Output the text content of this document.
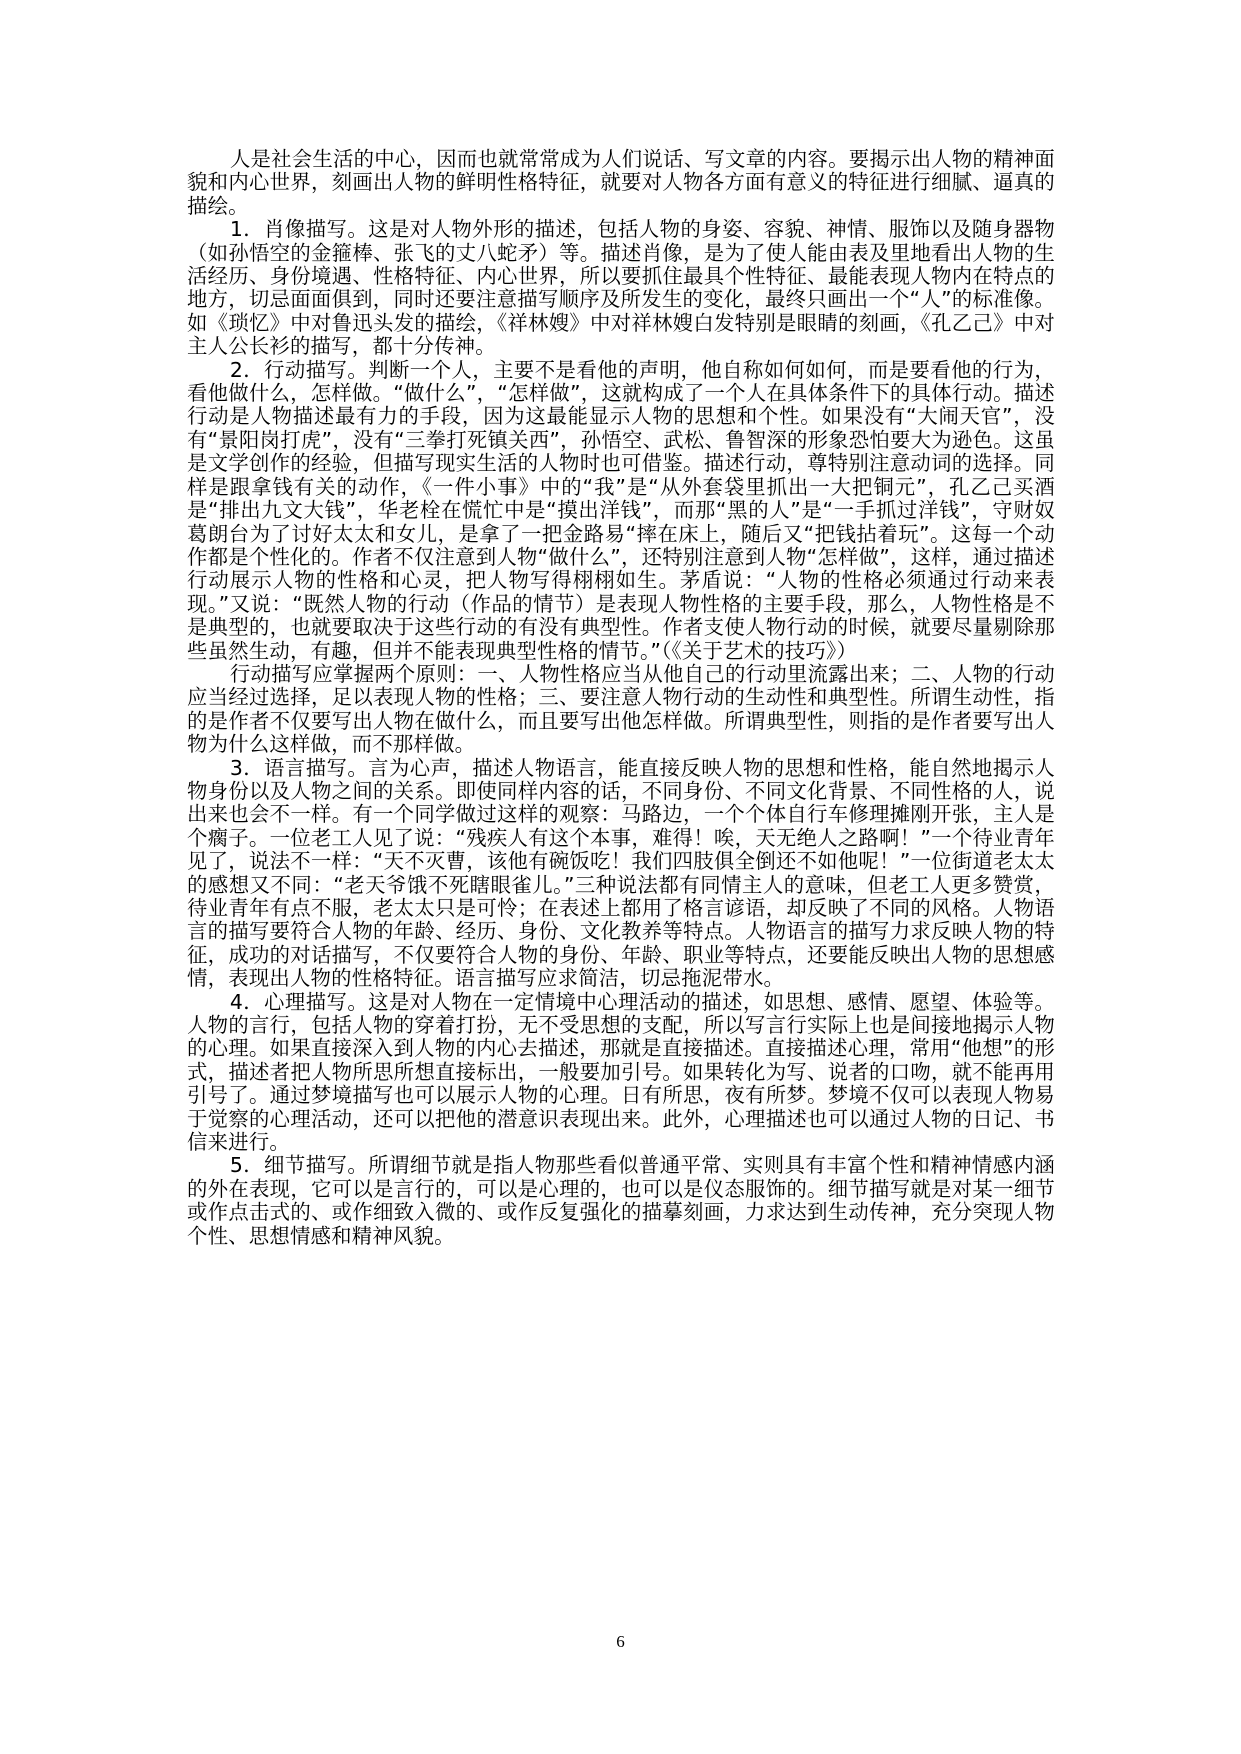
人是社会生活的中心，因而也就常常成为人们说话、写文章的内容。要揭示出人物的精神面貌和内心世界，刻画出人物的鲜明性格特征，就要对人物各方面有意义的特征进行细腻、逼真的描绘。

1．肖像描写。这是对人物外形的描述，包括人物的身姿、容貌、神情、服饰以及随身器物（如孙悟空的金箍棒、张飞的丈八蛇矛）等。描述肖像，是为了使人能由表及里地看出人物的生活经历、身份境遇、性格特征、内心世界，所以要抓住最具个性特征、最能表现人物内在特点的地方，切忌面面俱到，同时还要注意描写顺序及所发生的变化，最终只画出一个“人”的标准像。如《琐忆》中对鲁迅头发的描绘，《祥林嫂》中对祥林嫂白发特别是眼睛的刻画，《孔乙己》中对主人公长衫的描写，都十分传神。

2．行动描写。判断一个人，主要不是看他的声明，他自称如何如何，而是要看他的行为，看他做什么，怎样做。“做什么”，“怎样做”，这就构成了一个人在具体条件下的具体行动。描述行动是人物描述最有力的手段，因为这最能显示人物的思想和个性。如果没有“大闹天官”，没有“景阳岗打虎”，没有“三拳打死镇关西”，孙悟空、武松、鲁智深的形象恐怕要大为逊色。这虽是文学创作的经验，但描写现实生活的人物时也可借鉴。描述行动，尊特别注意动词的选择。同样是跟拿钱有关的动作，《一件小事》中的“我”是“从外套袋里抓出一大把铜元”，孔乙己买酒是“排出九文大钱”，华老栓在慌忙中是“摸出洋钱”，而那“黑的人”是“一手抓过洋钱”，守财奴葛朗台为了讨好太太和女儿，是拿了一把金路易“摔在床上，随后又“把钱拈着玩”。这每一个动作都是个性化的。作者不仅注意到人物“做什么”，还特别注意到人物“怎样做”，这样，通过描述行动展示人物的性格和心灵，把人物写得栩栩如生。茅盾说：“人物的性格必须通过行动来表现。”又说：“既然人物的行动（作品的情节）是表现人物性格的主要手段，那么，人物性格是不是典型的，也就要取决于这些行动的有没有典型性。作者支使人物行动的时候，就要尽量剔除那些虽然生动，有趣，但并不能表现典型性格的情节。”（《关于艺术的技巧》）

行动描写应掌握两个原则：一、人物性格应当从他自己的行动里流露出来；二、人物的行动应当经过选择，足以表现人物的性格；三、要注意人物行动的生动性和典型性。所谓生动性，指的是作者不仅要写出人物在做什么，而且要写出他怎样做。所谓典型性，则指的是作者要写出人物为什么这样做，而不那样做。

3．语言描写。言为心声，描述人物语言，能直接反映人物的思想和性格，能自然地揭示人物身份以及人物之间的关系。即使同样内容的话，不同身份、不同文化背景、不同性格的人，说出来也会不一样。有一个同学做过这样的观察：马路边，一个个体自行车修理摊刚开张，主人是个瘸子。一位老工人见了说：“残疾人有这个本事，难得！唉，天无绝人之路啊！”一个待业青年见了，说法不一样：“天不灭曹，该他有碗饭吃！我们四肢俱全倒还不如他呢！”一位街道老太太的感想又不同：“老天爷饿不死瞎眼雀儿。”三种说法都有同情主人的意味，但老工人更多赞赏，待业青年有点不服，老太太只是可怜；在表述上都用了格言谚语，却反映了不同的风格。人物语言的描写要符合人物的年龄、经历、身份、文化教养等特点。人物语言的描写力求反映人物的特征，成功的对话描写，不仅要符合人物的身份、年龄、职业等特点，还要能反映出人物的思想感情，表现出人物的性格特征。语言描写应求简洁，切忌拖泥带水。

4．心理描写。这是对人物在一定情境中心理活动的描述，如思想、感情、愿望、体验等。人物的言行，包括人物的穿着打扮，无不受思想的支配，所以写言行实际上也是间接地揭示人物的心理。如果直接深入到人物的内心去描述，那就是直接描述。直接描述心理，常用“他想”的形式，描述者把人物所思所想直接标出，一般要加引号。如果转化为写、说者的口吻，就不能再用引号了。通过梦境描写也可以展示人物的心理。日有所思，夜有所梦。梦境不仅可以表现人物易于觉察的心理活动，还可以把他的潜意识表现出来。此外，心理描述也可以通过人物的日记、书信来进行。

5．细节描写。所谓细节就是指人物那些看似普通平常、实则具有丰富个性和精神情感内涵的外在表现，它可以是言行的，可以是心理的，也可以是仪态服饰的。细节描写就是对某一细节或作点击式的、或作细致入微的、或作反复强化的描摹刻画，力求达到生动传神，充分突现人物个性、思想情感和精神风貌。

6
